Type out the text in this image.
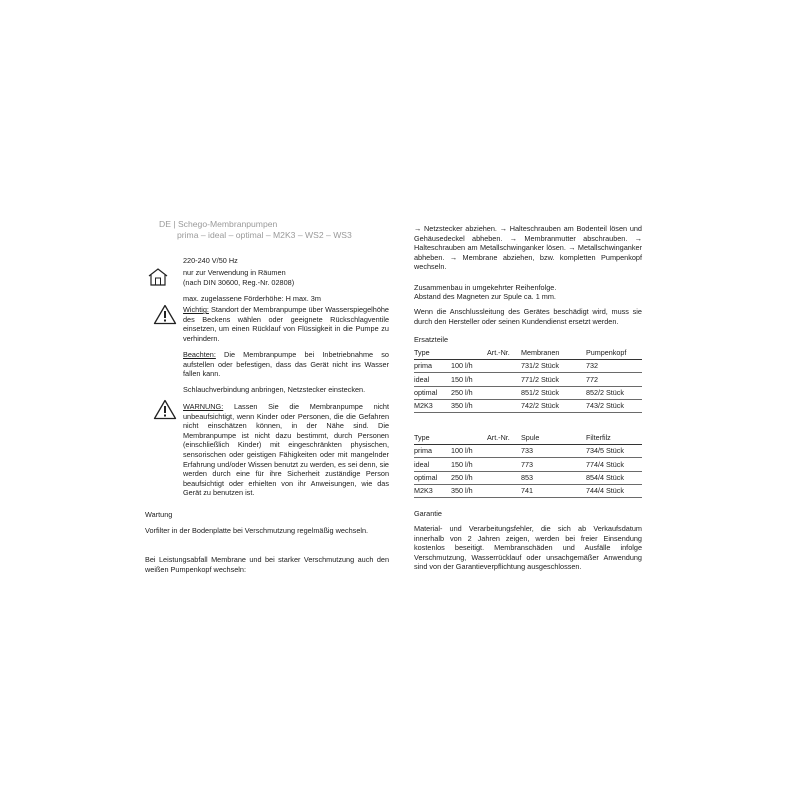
DE | Schego-Membranpumpen
prima – ideal – optimal – M2K3 – WS2 – WS3
220-240 V/50 Hz
nur zur Verwendung in Räumen
(nach DIN 30600, Reg.-Nr. 02808)
max. zugelassene Förderhöhe: H max. 3m

Wichtig: Standort der Membranpumpe über Wasserspiegelhöhe des Beckens wählen oder geeignete Rückschlagventile einsetzen, um einen Rücklauf von Flüssigkeit in die Pumpe zu verhindern.

Beachten: Die Membranpumpe bei Inbetriebnahme so aufstellen oder befestigen, dass das Gerät nicht ins Wasser fallen kann.

Schlauchverbindung anbringen, Netzstecker einstecken.

WARNUNG: Lassen Sie die Membranpumpe nicht unbeaufsichtigt, wenn Kinder oder Personen, die die Gefahren nicht einschätzen können, in der Nähe sind. Die Membranpumpe ist nicht dazu bestimmt, durch Personen (einschließlich Kinder) mit eingeschränkten physischen, sensorischen oder geistigen Fähigkeiten oder mit mangelnder Erfahrung und/oder Wissen benutzt zu werden, es sei denn, sie werden durch eine für ihre Sicherheit zuständige Person beaufsichtigt oder erhielten von ihr Anweisungen, wie das Gerät zu benutzen ist.

Wartung

Vorfilter in der Bodenplatte bei Verschmutzung regelmäßig wechseln.

Bei Leistungsabfall Membrane und bei starker Verschmutzung auch den weißen Pumpenkopf wechseln:

→ Netzstecker abziehen. → Halteschrauben am Bodenteil lösen und Gehäusedeckel abheben. → Membranmutter abschrauben. → Halteschrauben am Metallschwinganker lösen. → Metallschwinganker abheben. → Membrane abziehen, bzw. kompletten Pumpenkopf wechseln.

Zusammenbau in umgekehrter Reihenfolge.
Abstand des Magneten zur Spule ca. 1 mm.

Wenn die Anschlussleitung des Gerätes beschädigt wird, muss sie durch den Hersteller oder seinen Kundendienst ersetzt werden.

Ersatzteile
Type		Art.-Nr.	Membranen	Pumpenkopf
prima	100 l/h		731/2 Stück	732
ideal	150 l/h		771/2 Stück	772
optimal	250 l/h		851/2 Stück	852/2 Stück
M2K3	350 l/h		742/2 Stück	743/2 Stück
Type		Art.-Nr.	Spule	Filterfilz
prima	100 l/h		733	734/5 Stück
ideal	150 l/h		773	774/4 Stück
optimal	250 l/h		853	854/4 Stück
M2K3	350 l/h		741	744/4 Stück
Garantie

Material- und Verarbeitungsfehler, die sich ab Verkaufsdatum innerhalb von 2 Jahren zeigen, werden bei freier Einsendung kostenlos beseitigt. Membranschäden und Ausfälle infolge Verschmutzung, Wasserrücklauf oder unsachgemäßer Anwendung sind von der Garantieverpflichtung ausgeschlossen.
